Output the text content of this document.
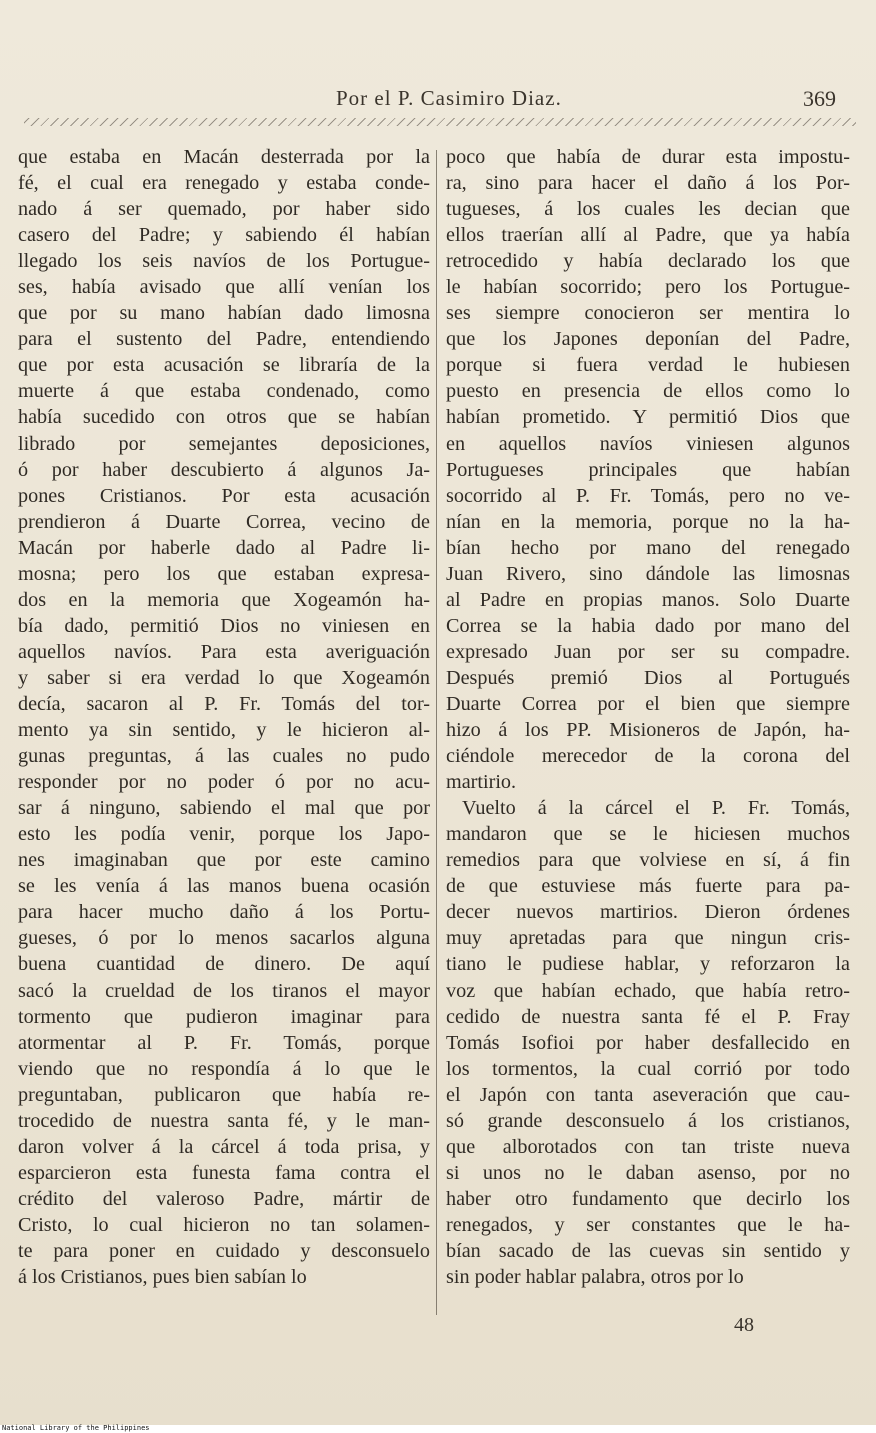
Por el P. Casimiro Diaz.	369
que estaba en Macán desterrada por la
fé, el cual era renegado y estaba conde-
nado á ser quemado, por haber sido
casero del Padre; y sabiendo él habían
llegado los seis navíos de los Portugue-
ses, había avisado que allí venían los
que por su mano habían dado limosna
para el sustento del Padre, entendiendo
que por esta acusación se libraría de la
muerte á que estaba condenado, como
había sucedido con otros que se habían
librado por semejantes deposiciones,
ó por haber descubierto á algunos Ja-
pones Cristianos. Por esta acusación
prendieron á Duarte Correa, vecino de
Macán por haberle dado al Padre li-
mosna; pero los que estaban expresa-
dos en la memoria que Xogeamón ha-
bía dado, permitió Dios no viniesen en
aquellos navíos. Para esta averiguación
y saber si era verdad lo que Xogeamón
decía, sacaron al P. Fr. Tomás del tor-
mento ya sin sentido, y le hicieron al-
gunas preguntas, á las cuales no pudo
responder por no poder ó por no acu-
sar á ninguno, sabiendo el mal que por
esto les podía venir, porque los Japo-
nes imaginaban que por este camino
se les venía á las manos buena ocasión
para hacer mucho daño á los Portu-
gueses, ó por lo menos sacarlos alguna
buena cuantidad de dinero. De aquí
sacó la crueldad de los tiranos el mayor
tormento que pudieron imaginar para
atormentar al P. Fr. Tomás, porque
viendo que no respondía á lo que le
preguntaban, publicaron que había re-
trocedido de nuestra santa fé, y le man-
daron volver á la cárcel á toda prisa, y
esparcieron esta funesta fama contra el
crédito del valeroso Padre, mártir de
Cristo, lo cual hicieron no tan solamen-
te para poner en cuidado y desconsuelo
á los Cristianos, pues bien sabían lo
poco que había de durar esta impostu-
ra, sino para hacer el daño á los Por-
tugueses, á los cuales les decian que
ellos traerían allí al Padre, que ya había
retrocedido y había declarado los que
le habían socorrido; pero los Portugue-
ses siempre conocieron ser mentira lo
que los Japones deponían del Padre,
porque si fuera verdad le hubiesen
puesto en presencia de ellos como lo
habían prometido. Y permitió Dios que
en aquellos navíos viniesen algunos
Portugueses principales que habían
socorrido al P. Fr. Tomás, pero no ve-
nían en la memoria, porque no la ha-
bían hecho por mano del renegado
Juan Rivero, sino dándole las limosnas
al Padre en propias manos. Solo Duarte
Correa se la habia dado por mano del
expresado Juan por ser su compadre.
Después premió Dios al Portugués
Duarte Correa por el bien que siempre
hizo á los PP. Misioneros de Japón, ha-
ciéndole merecedor de la corona del
martirio.
Vuelto á la cárcel el P. Fr. Tomás,
mandaron que se le hiciesen muchos
remedios para que volviese en sí, á fin
de que estuviese más fuerte para pa-
decer nuevos martirios. Dieron órdenes
muy apretadas para que ningun cris-
tiano le pudiese hablar, y reforzaron la
voz que habían echado, que había retro-
cedido de nuestra santa fé el P. Fray
Tomás Isofioi por haber desfallecido en
los tormentos, la cual corrió por todo
el Japón con tanta aseveración que cau-
só grande desconsuelo á los cristianos,
que alborotados con tan triste nueva
si unos no le daban asenso, por no
haber otro fundamento que decirlo los
renegados, y ser constantes que le ha-
bían sacado de las cuevas sin sentido y
sin poder hablar palabra, otros por lo
48
National Library of the Philippines
